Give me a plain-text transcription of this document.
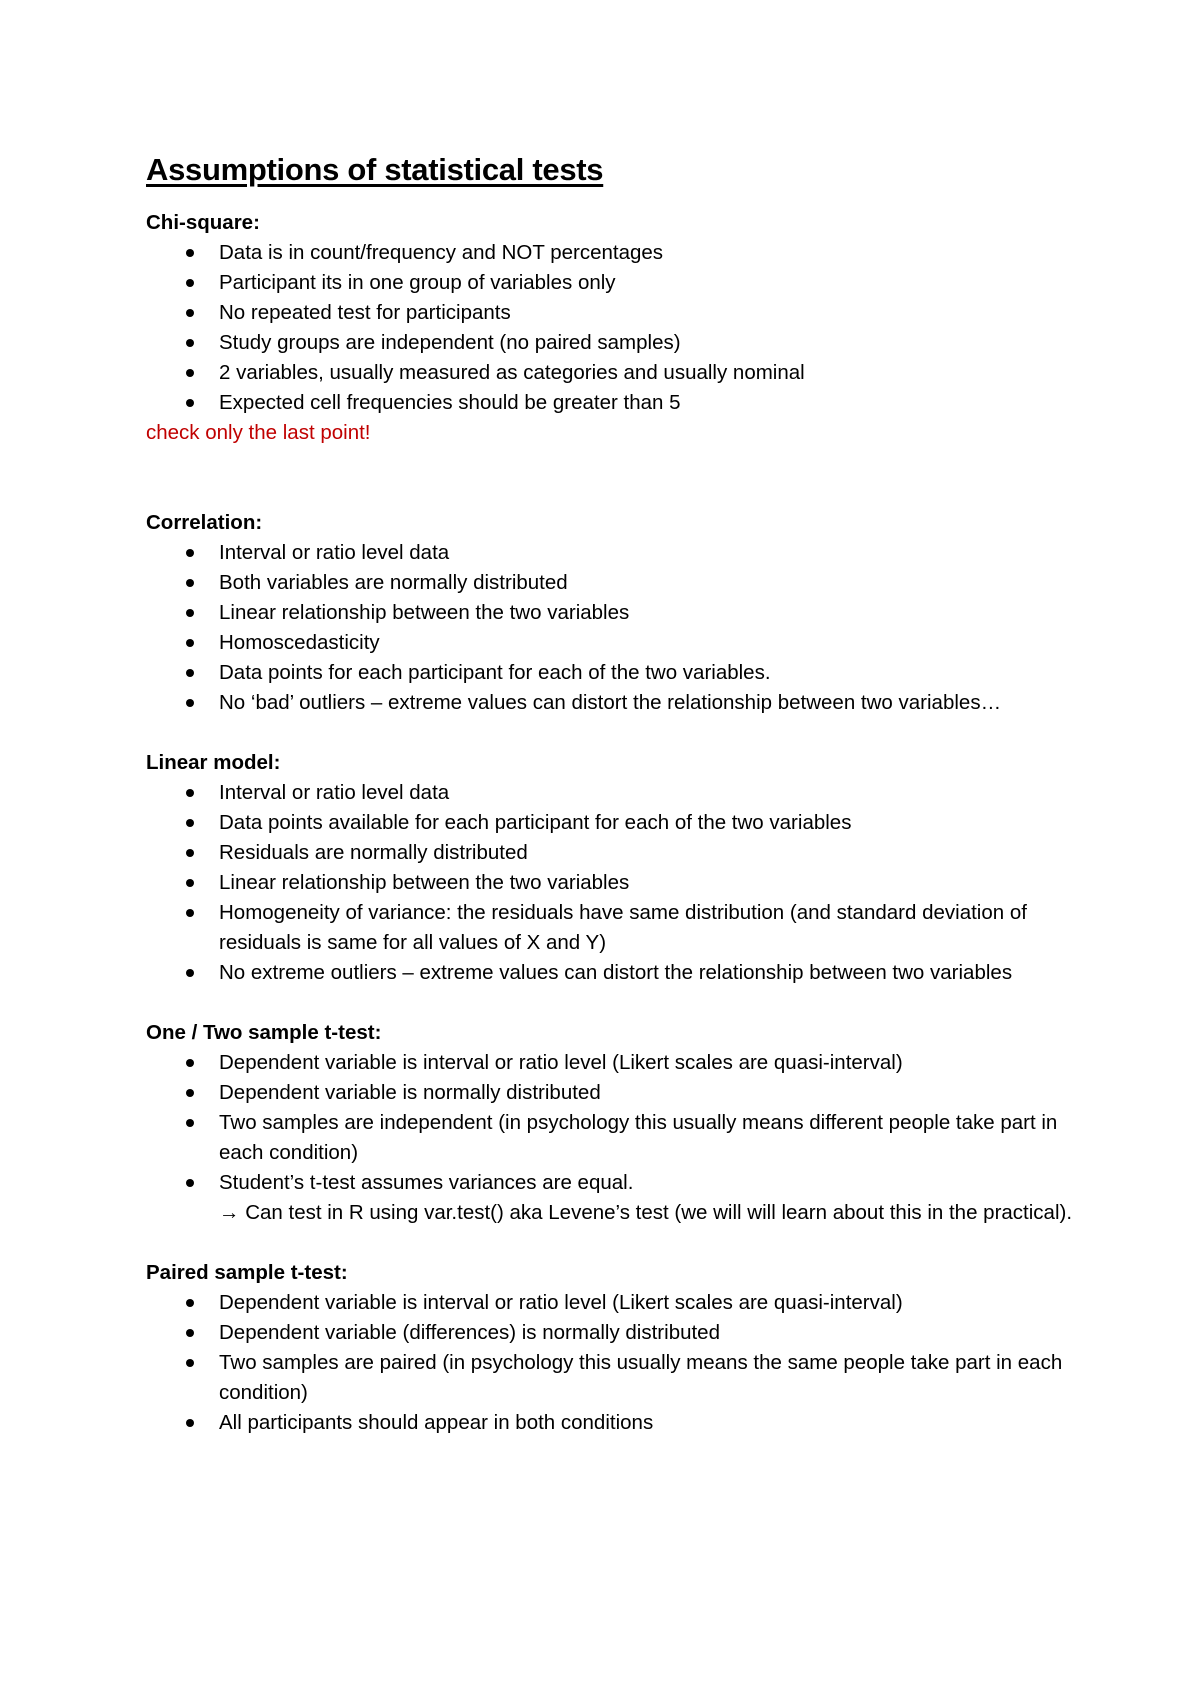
Assumptions of statistical tests

Chi-square:

Data is in count/frequency and NOT percentages
Participant its in one group of variables only
No repeated test for participants
Study groups are independent (no paired samples)
2 variables, usually measured as categories and usually nominal
Expected cell frequencies should be greater than 5

check only the last point!

Correlation:

Interval or ratio level data
Both variables are normally distributed
Linear relationship between the two variables
Homoscedasticity
Data points for each participant for each of the two variables.
No ‘bad’ outliers – extreme values can distort the relationship between two variables…

Linear model:

Interval or ratio level data
Data points available for each participant for each of the two variables
Residuals are normally distributed
Linear relationship between the two variables
Homogeneity of variance: the residuals have same distribution (and standard deviation of residuals is same for all values of X and Y)
No extreme outliers – extreme values can distort the relationship between two variables

One / Two sample t-test:

Dependent variable is interval or ratio level (Likert scales are quasi-interval)
Dependent variable is normally distributed
Two samples are independent (in psychology this usually means different people take part in each condition)
Student’s t-test assumes variances are equal.
→ Can test in R using var.test() aka Levene’s test (we will will learn about this in the practical).

Paired sample t-test:

Dependent variable is interval or ratio level (Likert scales are quasi-interval)
Dependent variable (differences) is normally distributed
Two samples are paired (in psychology this usually means the same people take part in each condition)
All participants should appear in both conditions
